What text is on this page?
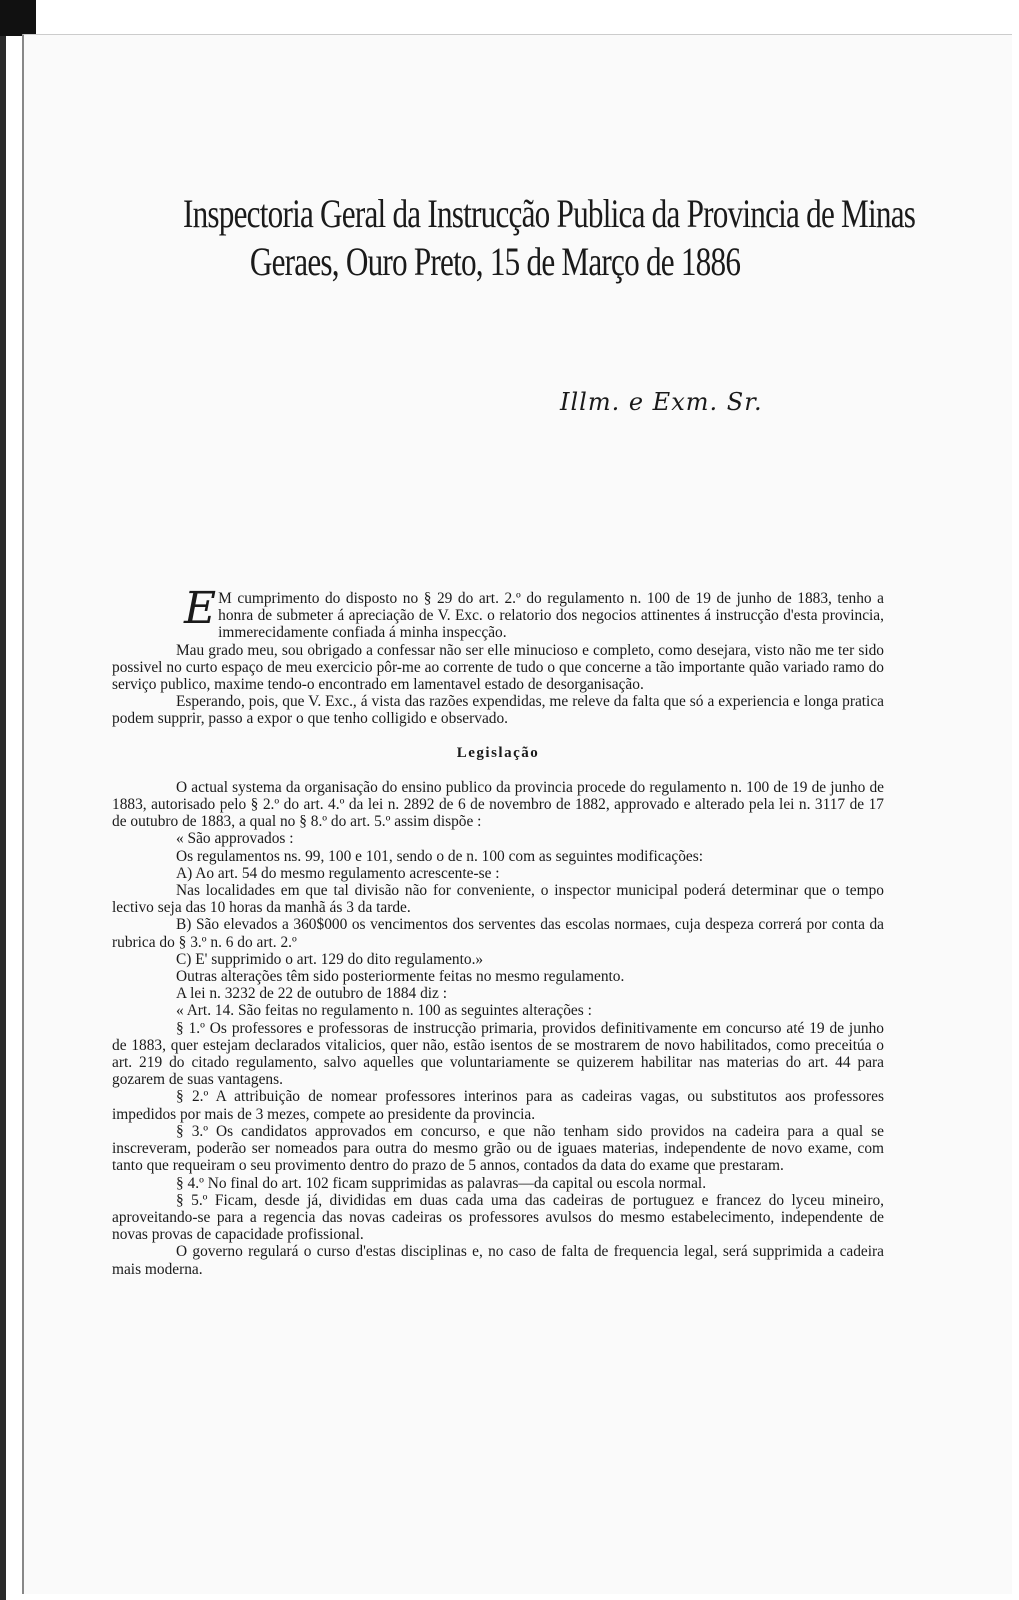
Inspectoria Geral da Instrucção Publica da Provincia de Minas
Geraes, Ouro Preto, 15 de Março de 1886
Illm. e Exm. Sr.

E M cumprimento do disposto no § 29 do art. 2.º do regulamento n. 100 de 19 de junho de 1883, tenho a honra de submeter á apreciação de V. Exc. o relatorio dos negocios attinentes á instrucção d'esta provincia, immerecidamente confiada á minha inspecção.

Mau grado meu, sou obrigado a confessar não ser elle minucioso e completo, como desejara, visto não me ter sido possivel no curto espaço de meu exercicio pôr-me ao corrente de tudo o que concerne a tão importante quão variado ramo do serviço publico, maxime tendo-o encontrado em lamentavel estado de desorganisação.

Esperando, pois, que V. Exc., á vista das razões expendidas, me releve da falta que só a experiencia e longa pratica podem supprir, passo a expor o que tenho colligido e observado.

Legislação

O actual systema da organisação do ensino publico da provincia procede do regulamento n. 100 de 19 de junho de 1883, autorisado pelo § 2.º do art. 4.º da lei n. 2892 de 6 de novembro de 1882, approvado e alterado pela lei n. 3117 de 17 de outubro de 1883, a qual no § 8.º do art. 5.º assim dispõe :

« São approvados :

Os regulamentos ns. 99, 100 e 101, sendo o de n. 100 com as seguintes modificações:

A) Ao art. 54 do mesmo regulamento acrescente-se :

Nas localidades em que tal divisão não for conveniente, o inspector municipal poderá determinar que o tempo lectivo seja das 10 horas da manhã ás 3 da tarde.

B) São elevados a 360$000 os vencimentos dos serventes das escolas normaes, cuja despeza correrá por conta da rubrica do § 3.º n. 6 do art. 2.º

C) E' supprimido o art. 129 do dito regulamento.»

Outras alterações têm sido posteriormente feitas no mesmo regulamento.

A lei n. 3232 de 22 de outubro de 1884 diz :

« Art. 14. São feitas no regulamento n. 100 as seguintes alterações :

§ 1.º Os professores e professoras de instrucção primaria, providos definitivamente em concurso até 19 de junho de 1883, quer estejam declarados vitalicios, quer não, estão isentos de se mostrarem de novo habilitados, como preceitúa o art. 219 do citado regulamento, salvo aquelles que voluntariamente se quizerem habilitar nas materias do art. 44 para gozarem de suas vantagens.

§ 2.º A attribuição de nomear professores interinos para as cadeiras vagas, ou substitutos aos professores impedidos por mais de 3 mezes, compete ao presidente da provincia.

§ 3.º Os candidatos approvados em concurso, e que não tenham sido providos na cadeira para a qual se inscreveram, poderão ser nomeados para outra do mesmo grão ou de iguaes materias, independente de novo exame, com tanto que requeiram o seu provimento dentro do prazo de 5 annos, contados da data do exame que prestaram.

§ 4.º No final do art. 102 ficam supprimidas as palavras—da capital ou escola normal.

§ 5.º Ficam, desde já, divididas em duas cada uma das cadeiras de portuguez e francez do lyceu mineiro, aproveitando-se para a regencia das novas cadeiras os professores avulsos do mesmo estabelecimento, independente de novas provas de capacidade profissional.

O governo regulará o curso d'estas disciplinas e, no caso de falta de frequencia legal, será supprimida a cadeira mais moderna.
